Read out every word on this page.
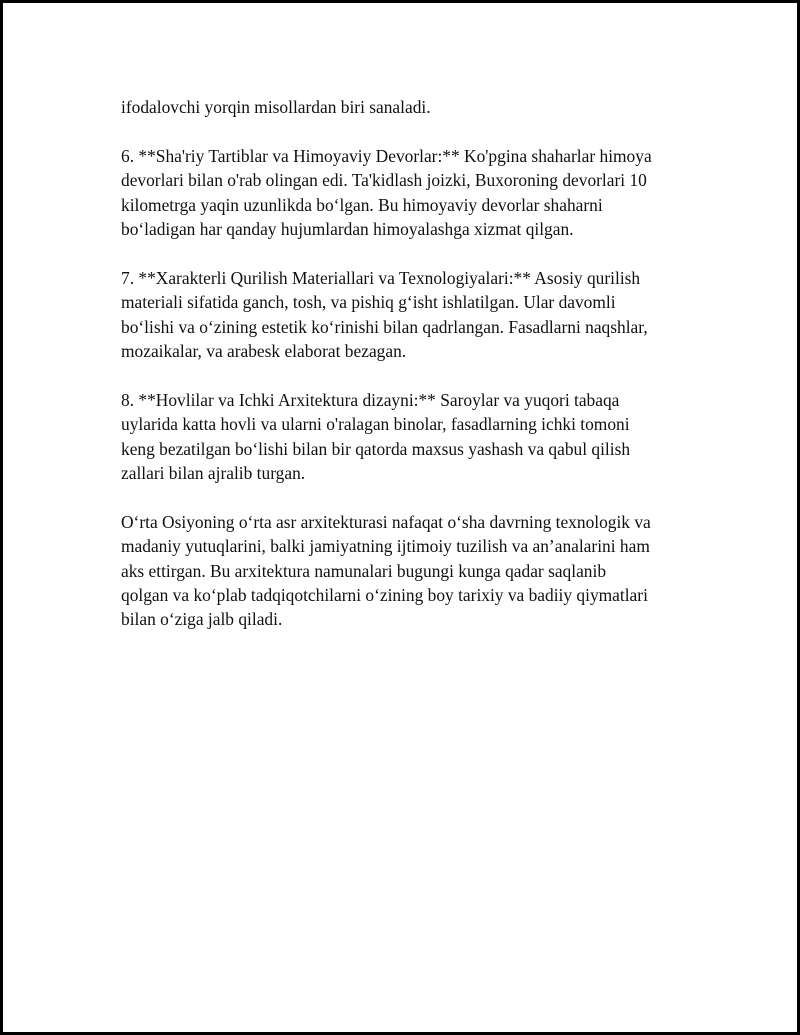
ifodalovchi yorqin misollardan biri sanaladi.

6. **Sha'riy Tartiblar va Himoyaviy Devorlar:** Ko'pgina shaharlar himoya
devorlari bilan o'rab olingan edi. Ta'kidlash joizki, Buxoroning devorlari 10
kilometrga yaqin uzunlikda bo‘lgan. Bu himoyaviy devorlar shaharni
bo‘ladigan har qanday hujumlardan himoyalashga xizmat qilgan.

7. **Xarakterli Qurilish Materiallari va Texnologiyalari:** Asosiy qurilish
materiali sifatida ganch, tosh, va pishiq g‘isht ishlatilgan. Ular davomli
bo‘lishi va o‘zining estetik ko‘rinishi bilan qadrlangan. Fasadlarni naqshlar,
mozaikalar, va arabesk elaborat bezagan.

8. **Hovlilar va Ichki Arxitektura dizayni:** Saroylar va yuqori tabaqa
uylarida katta hovli va ularni o'ralagan binolar, fasadlarning ichki tomoni
keng bezatilgan bo‘lishi bilan bir qatorda maxsus yashash va qabul qilish
zallari bilan ajralib turgan.

O‘rta Osiyoning o‘rta asr arxitekturasi nafaqat o‘sha davrning texnologik va
madaniy yutuqlarini, balki jamiyatning ijtimoiy tuzilish va an’analarini ham
aks ettirgan. Bu arxitektura namunalari bugungi kunga qadar saqlanib
qolgan va ko‘plab tadqiqotchilarni o‘zining boy tarixiy va badiiy qiymatlari
bilan o‘ziga jalb qiladi.
